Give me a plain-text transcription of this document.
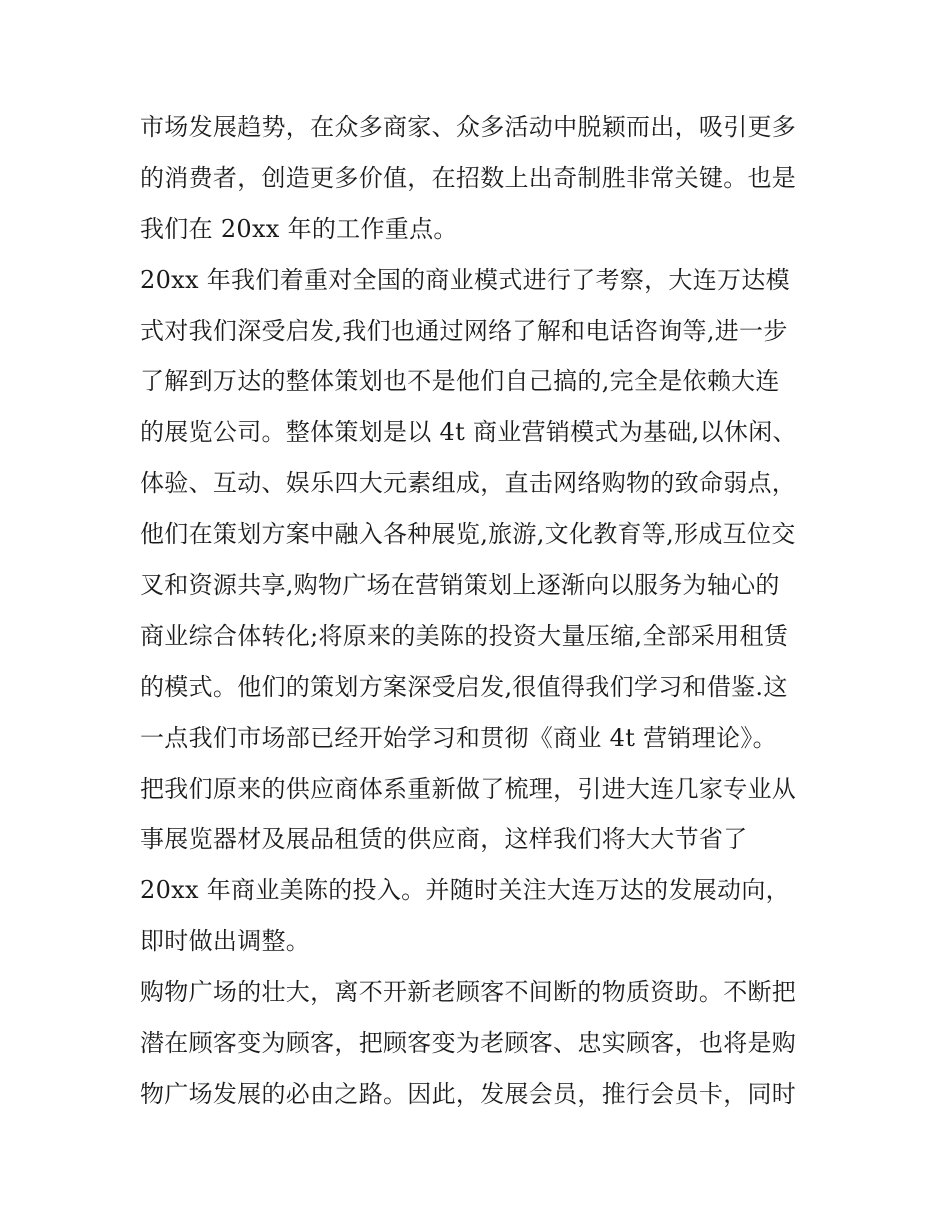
市场发展趋势，在众多商家、众多活动中脱颖而出，吸引更多
的消费者，创造更多价值，在招数上出奇制胜非常关键。也是
我们在 20xx 年的工作重点。
20xx 年我们着重对全国的商业模式进行了考察，大连万达模
式对我们深受启发,我们也通过网络了解和电话咨询等,进一步
了解到万达的整体策划也不是他们自己搞的,完全是依赖大连
的展览公司。整体策划是以 4t 商业营销模式为基础,以休闲、
体验、互动、娱乐四大元素组成，直击网络购物的致命弱点，
他们在策划方案中融入各种展览,旅游,文化教育等,形成互位交
叉和资源共享,购物广场在营销策划上逐渐向以服务为轴心的
商业综合体转化;将原来的美陈的投资大量压缩,全部采用租赁
的模式。他们的策划方案深受启发,很值得我们学习和借鉴.这
一点我们市场部已经开始学习和贯彻《商业 4t 营销理论》。
把我们原来的供应商体系重新做了梳理，引进大连几家专业从
事展览器材及展品租赁的供应商，这样我们将大大节省了
20xx 年商业美陈的投入。并随时关注大连万达的发展动向，
即时做出调整。
购物广场的壮大，离不开新老顾客不间断的物质资助。不断把
潜在顾客变为顾客，把顾客变为老顾客、忠实顾客，也将是购
物广场发展的必由之路。因此，发展会员，推行会员卡，同时
